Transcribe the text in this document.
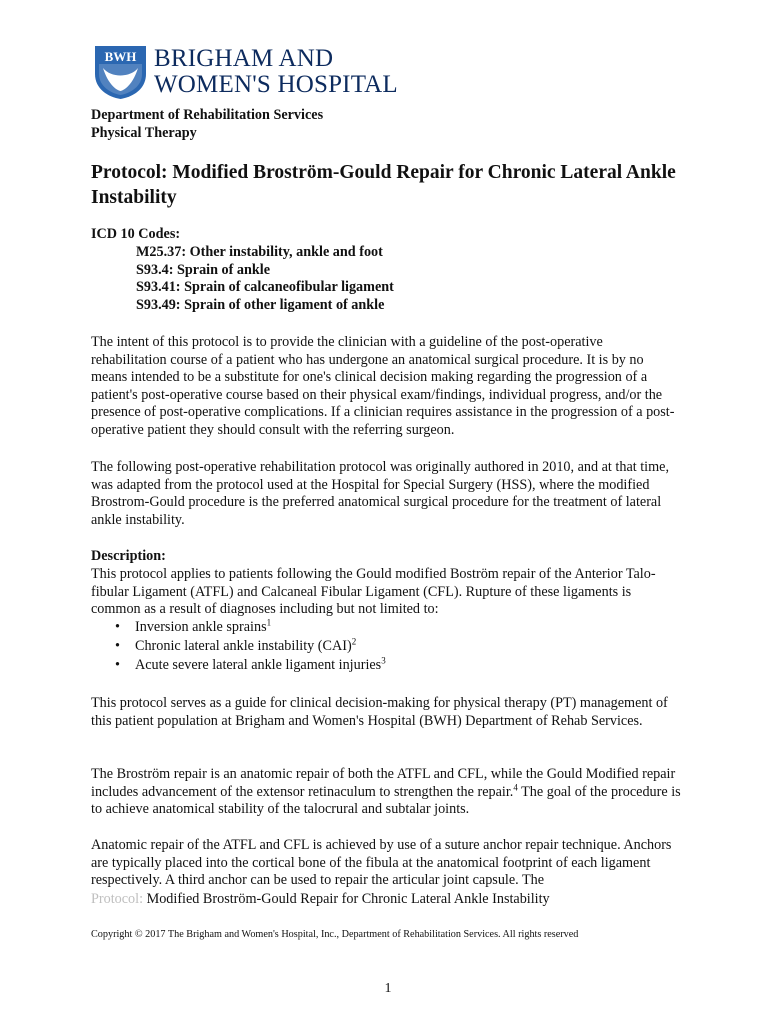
BWH BRIGHAM AND
WOMEN'S HOSPITAL
Department of Rehabilitation Services
Physical Therapy
Protocol: Modified Broström-Gould Repair for Chronic Lateral Ankle Instability
ICD 10 Codes:
M25.37: Other instability, ankle and foot
S93.4: Sprain of ankle
S93.41: Sprain of calcaneofibular ligament
S93.49: Sprain of other ligament of ankle
The intent of this protocol is to provide the clinician with a guideline of the post-operative rehabilitation course of a patient who has undergone an anatomical surgical procedure. It is by no means intended to be a substitute for one's clinical decision making regarding the progression of a patient's post-operative course based on their physical exam/findings, individual progress, and/or the presence of post-operative complications. If a clinician requires assistance in the progression of a post-operative patient they should consult with the referring surgeon.
The following post-operative rehabilitation protocol was originally authored in 2010, and at that time, was adapted from the protocol used at the Hospital for Special Surgery (HSS), where the modified Brostrom-Gould procedure is the preferred anatomical surgical procedure for the treatment of lateral ankle instability.
Description:
This protocol applies to patients following the Gould modified Boström repair of the Anterior Talo-fibular Ligament (ATFL) and Calcaneal Fibular Ligament (CFL). Rupture of these ligaments is common as a result of diagnoses including but not limited to:
• Inversion ankle sprains$^1$
• Chronic lateral ankle instability (CAI)$^2$
• Acute severe lateral ankle ligament injuries$^3$
This protocol serves as a guide for clinical decision-making for physical therapy (PT) management of this patient population at Brigham and Women's Hospital (BWH) Department of Rehab Services.
The Broström repair is an anatomic repair of both the ATFL and CFL, while the Gould Modified repair includes advancement of the extensor retinaculum to strengthen the repair.$^4$ The goal of the procedure is to achieve anatomical stability of the talocrural and subtalar joints.
Anatomic repair of the ATFL and CFL is achieved by use of a suture anchor repair technique. Anchors are typically placed into the cortical bone of the fibula at the anatomical footprint of each ligament respectively. A third anchor can be used to repair the articular joint capsule. The
Protocol: Modified Broström-Gould Repair for Chronic Lateral Ankle Instability
Copyright © 2017 The Brigham and Women's Hospital, Inc., Department of Rehabilitation Services. All rights reserved
1
